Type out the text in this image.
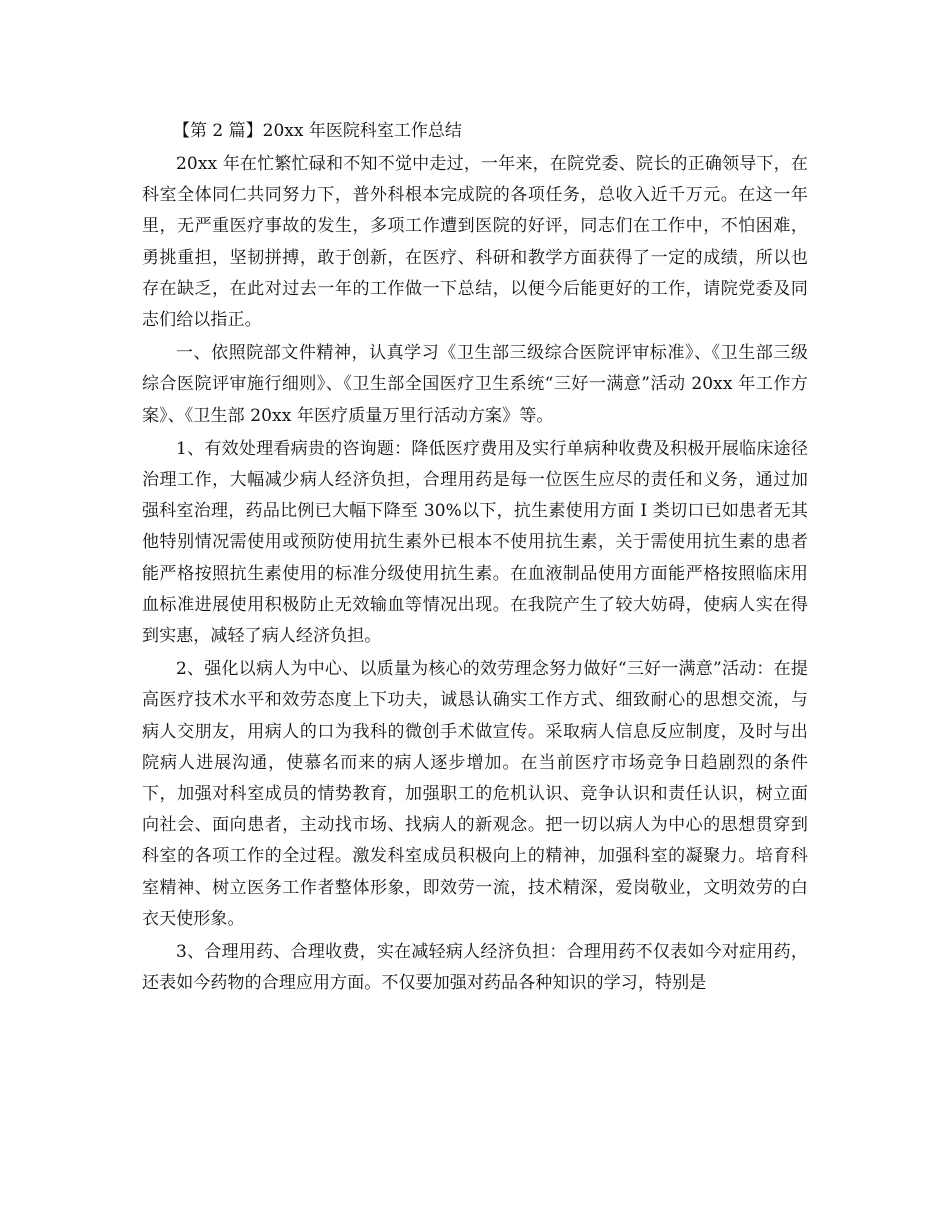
【第 2 篇】20xx 年医院科室工作总结

20xx 年在忙繁忙碌和不知不觉中走过，一年来，在院党委、院长的正确领导下，在科室全体同仁共同努力下，普外科根本完成院的各项任务，总收入近千万元。在这一年里，无严重医疗事故的发生，多项工作遭到医院的好评，同志们在工作中，不怕困难，勇挑重担，坚韧拼搏，敢于创新，在医疗、科研和教学方面获得了一定的成绩，所以也存在缺乏，在此对过去一年的工作做一下总结，以便今后能更好的工作，请院党委及同志们给以指正。

一、依照院部文件精神，认真学习《卫生部三级综合医院评审标准》、《卫生部三级综合医院评审施行细则》、《卫生部全国医疗卫生系统“三好一满意”活动 20xx 年工作方案》、《卫生部 20xx 年医疗质量万里行活动方案》等。

1、有效处理看病贵的咨询题：降低医疗费用及实行单病种收费及积极开展临床途径治理工作，大幅减少病人经济负担，合理用药是每一位医生应尽的责任和义务，通过加强科室治理，药品比例已大幅下降至 30%以下，抗生素使用方面 I 类切口已如患者无其他特别情况需使用或预防使用抗生素外已根本不使用抗生素，关于需使用抗生素的患者能严格按照抗生素使用的标准分级使用抗生素。在血液制品使用方面能严格按照临床用血标准进展使用积极防止无效输血等情况出现。在我院产生了较大妨碍，使病人实在得到实惠，减轻了病人经济负担。

2、强化以病人为中心、以质量为核心的效劳理念努力做好“三好一满意”活动：在提高医疗技术水平和效劳态度上下功夫，诚恳认确实工作方式、细致耐心的思想交流，与病人交朋友，用病人的口为我科的微创手术做宣传。采取病人信息反应制度，及时与出院病人进展沟通，使慕名而来的病人逐步增加。在当前医疗市场竞争日趋剧烈的条件下，加强对科室成员的情势教育，加强职工的危机认识、竞争认识和责任认识，树立面向社会、面向患者，主动找市场、找病人的新观念。把一切以病人为中心的思想贯穿到科室的各项工作的全过程。激发科室成员积极向上的精神，加强科室的凝聚力。培育科室精神、树立医务工作者整体形象，即效劳一流，技术精深，爱岗敬业，文明效劳的白衣天使形象。

3、合理用药、合理收费，实在减轻病人经济负担：合理用药不仅表如今对症用药，还表如今药物的合理应用方面。不仅要加强对药品各种知识的学习，特别是
